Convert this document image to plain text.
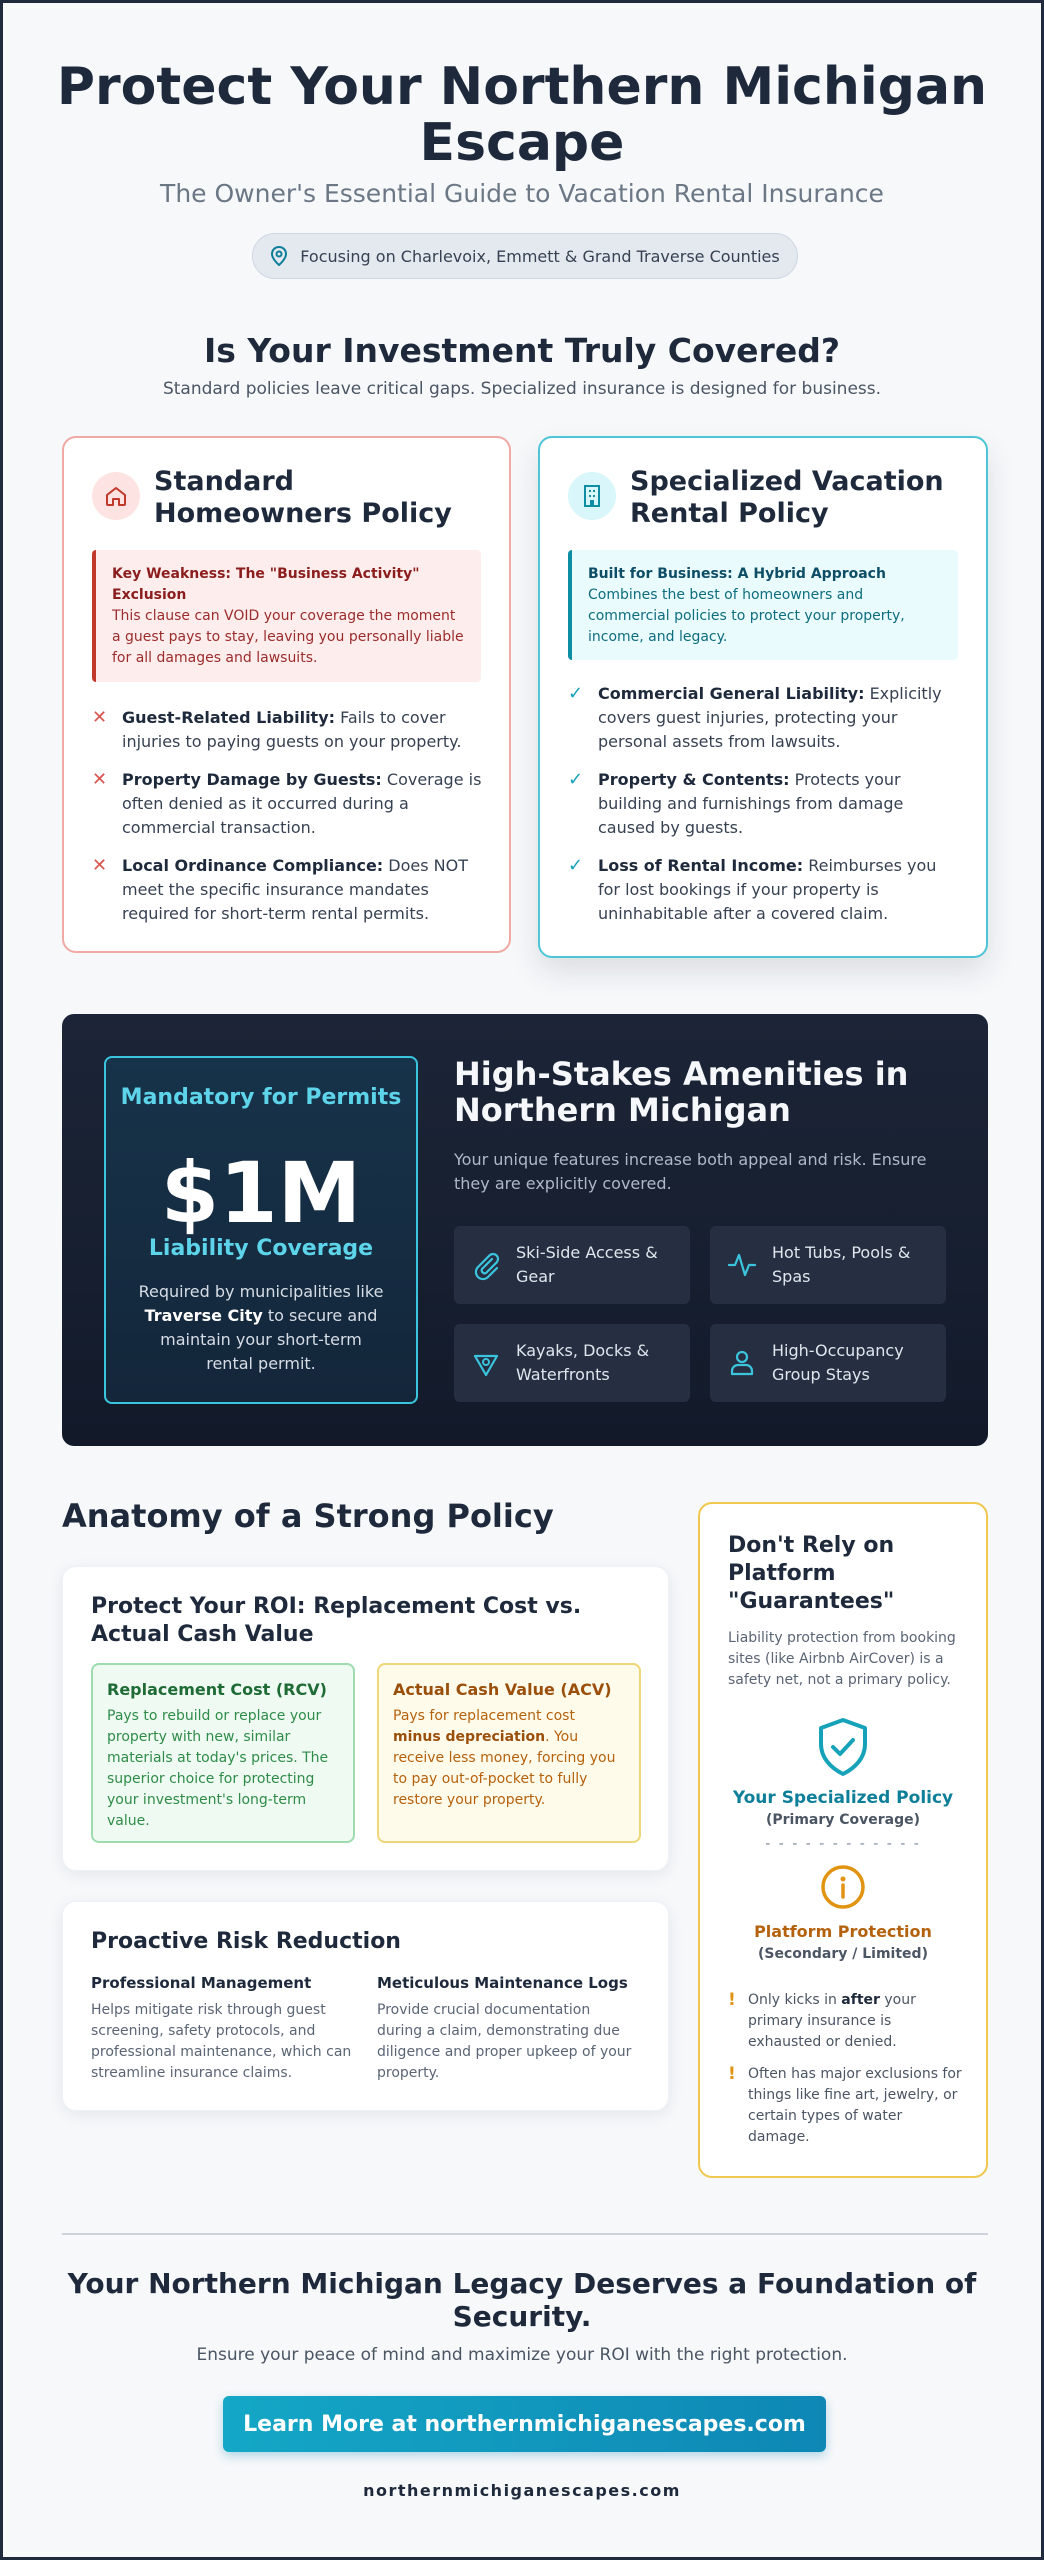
Protect Your Northern Michigan Escape
The Owner's Essential Guide to Vacation Rental Insurance
Focusing on Charlevoix, Emmett & Grand Traverse Counties
Is Your Investment Truly Covered?
Standard policies leave critical gaps. Specialized insurance is designed for business.
Standard Homeowners Policy
Key Weakness: The "Business Activity" Exclusion
This clause can VOID your coverage the moment a guest pays to stay, leaving you personally liable for all damages and lawsuits.
✕ Guest-Related Liability: Fails to cover injuries to paying guests on your property.
✕ Property Damage by Guests: Coverage is often denied as it occurred during a commercial transaction.
✕ Local Ordinance Compliance: Does NOT meet the specific insurance mandates required for short-term rental permits.
Specialized Vacation Rental Policy
Built for Business: A Hybrid Approach
Combines the best of homeowners and commercial policies to protect your property, income, and legacy.
✓ Commercial General Liability: Explicitly covers guest injuries, protecting your personal assets from lawsuits.
✓ Property & Contents: Protects your building and furnishings from damage caused by guests.
✓ Loss of Rental Income: Reimburses you for lost bookings if your property is uninhabitable after a covered claim.
Mandatory for Permits
$1M
Liability Coverage
Required by municipalities like Traverse City to secure and maintain your short-term rental permit.
High-Stakes Amenities in Northern Michigan
Your unique features increase both appeal and risk. Ensure they are explicitly covered.
Ski-Side Access & Gear
Hot Tubs, Pools & Spas
Kayaks, Docks & Waterfronts
High-Occupancy Group Stays
Anatomy of a Strong Policy
Protect Your ROI: Replacement Cost vs. Actual Cash Value
Replacement Cost (RCV)
Pays to rebuild or replace your property with new, similar materials at today's prices. The superior choice for protecting your investment's long-term value.
Actual Cash Value (ACV)
Pays for replacement cost minus depreciation. You receive less money, forcing you to pay out-of-pocket to fully restore your property.
Proactive Risk Reduction
Professional Management
Helps mitigate risk through guest screening, safety protocols, and professional maintenance, which can streamline insurance claims.
Meticulous Maintenance Logs
Provide crucial documentation during a claim, demonstrating due diligence and proper upkeep of your property.
Don't Rely on Platform "Guarantees"
Liability protection from booking sites (like Airbnb AirCover) is a safety net, not a primary policy.
Your Specialized Policy
(Primary Coverage)
- - - - - - - - - - - -
Platform Protection
(Secondary / Limited)
! Only kicks in after your primary insurance is exhausted or denied.
! Often has major exclusions for things like fine art, jewelry, or certain types of water damage.
Your Northern Michigan Legacy Deserves a Foundation of Security.
Ensure your peace of mind and maximize your ROI with the right protection.
Learn More at northernmichiganescapes.com
northernmichiganescapes.com
